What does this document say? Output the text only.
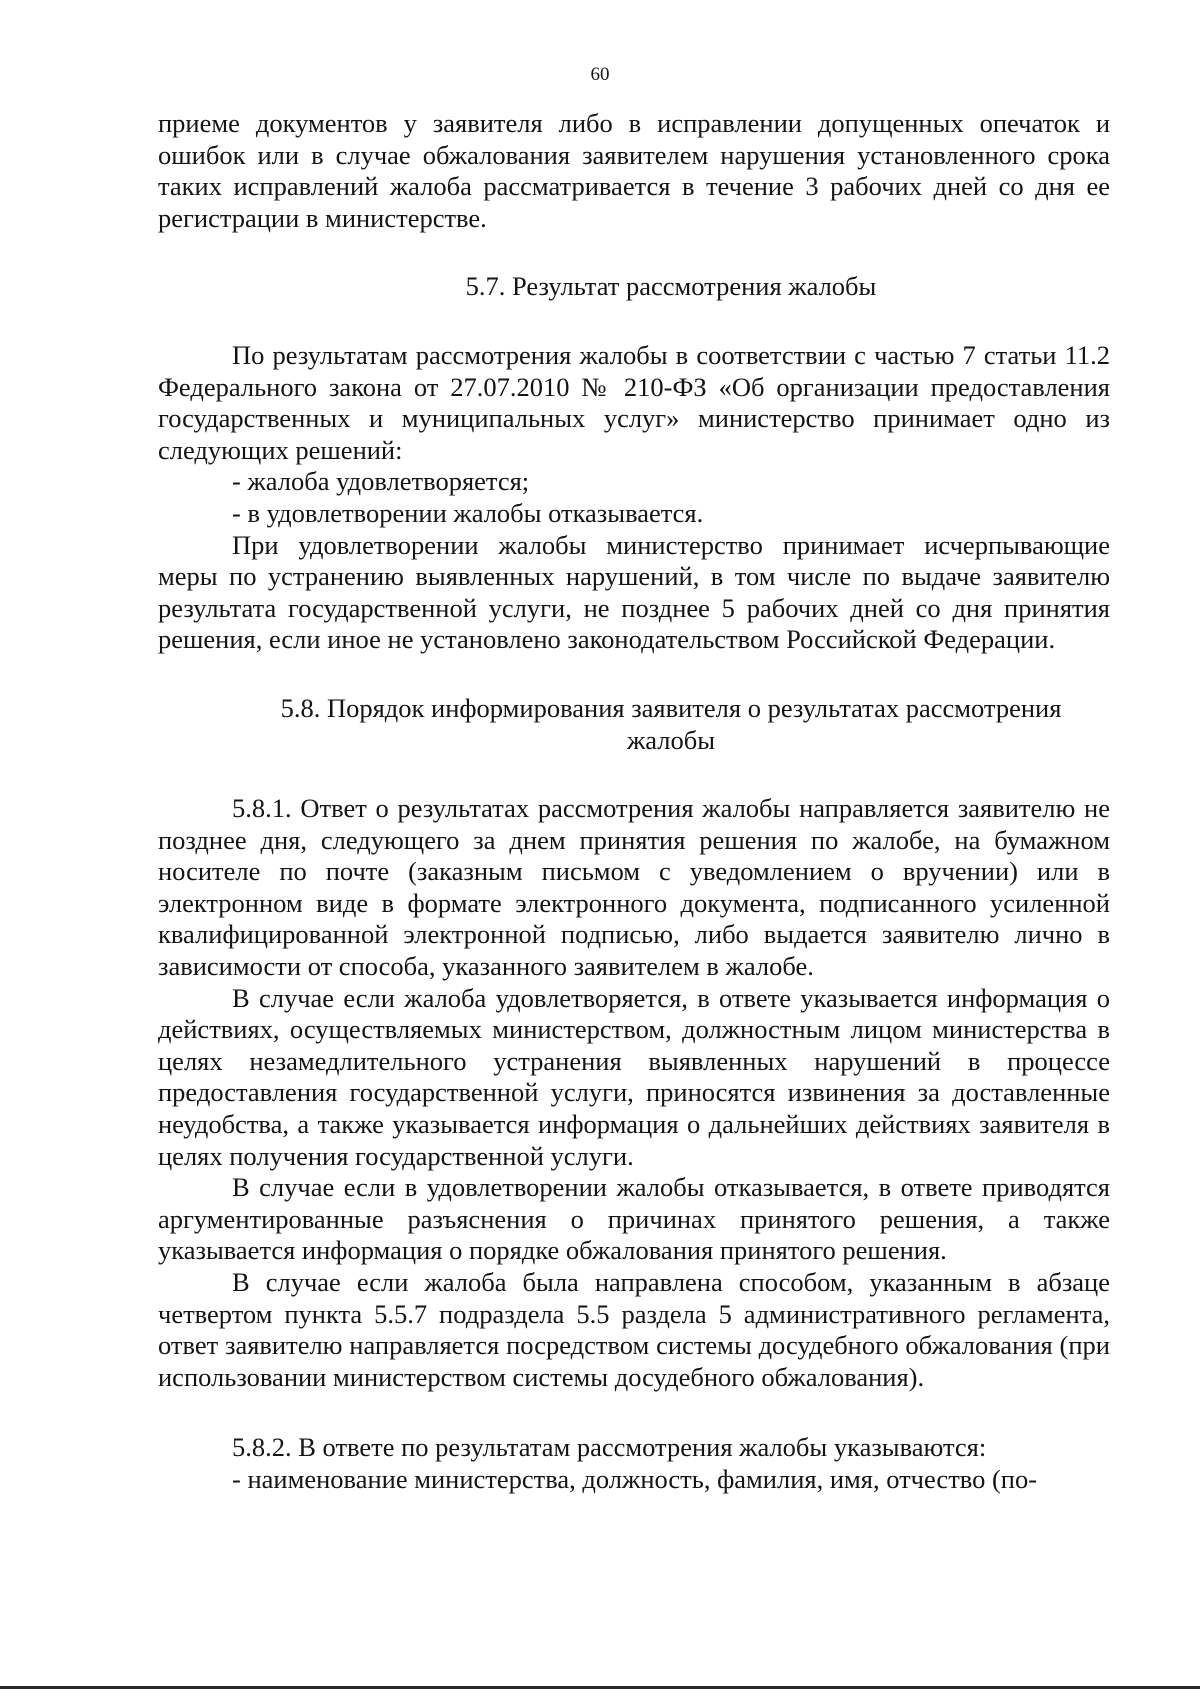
60

приеме документов у заявителя либо в исправлении допущенных опечаток и ошибок или в случае обжалования заявителем нарушения установленного срока таких исправлений жалоба рассматривается в течение 3 рабочих дней со дня ее регистрации в министерстве.

5.7. Результат рассмотрения жалобы

По результатам рассмотрения жалобы в соответствии с частью 7 статьи 11.2 Федерального закона от 27.07.2010 № 210-ФЗ «Об организации предоставления государственных и муниципальных услуг» министерство принимает одно из следующих решений:

- жалоба удовлетворяется;

- в удовлетворении жалобы отказывается.

При удовлетворении жалобы министерство принимает исчерпывающие меры по устранению выявленных нарушений, в том числе по выдаче заявителю результата государственной услуги, не позднее 5 рабочих дней со дня принятия решения, если иное не установлено законодательством Российской Федерации.

5.8. Порядок информирования заявителя о результатах рассмотрения
жалобы

5.8.1. Ответ о результатах рассмотрения жалобы направляется заявителю не позднее дня, следующего за днем принятия решения по жалобе, на бумажном носителе по почте (заказным письмом с уведомлением о вручении) или в электронном виде в формате электронного документа, подписанного усиленной квалифицированной электронной подписью, либо выдается заявителю лично в зависимости от способа, указанного заявителем в жалобе.

В случае если жалоба удовлетворяется, в ответе указывается информация о действиях, осуществляемых министерством, должностным лицом министерства в целях незамедлительного устранения выявленных нарушений в процессе предоставления государственной услуги, приносятся извинения за доставленные неудобства, а также указывается информация о дальнейших действиях заявителя в целях получения государственной услуги.

В случае если в удовлетворении жалобы отказывается, в ответе приводятся аргументированные разъяснения о причинах принятого решения, а также указывается информация о порядке обжалования принятого решения.

В случае если жалоба была направлена способом, указанным в абзаце четвертом пункта 5.5.7 подраздела 5.5 раздела 5 административного регламента, ответ заявителю направляется посредством системы досудебного обжалования (при использовании министерством системы досудебного обжалования).

5.8.2. В ответе по результатам рассмотрения жалобы указываются:

- наименование министерства, должность, фамилия, имя, отчество (по-
